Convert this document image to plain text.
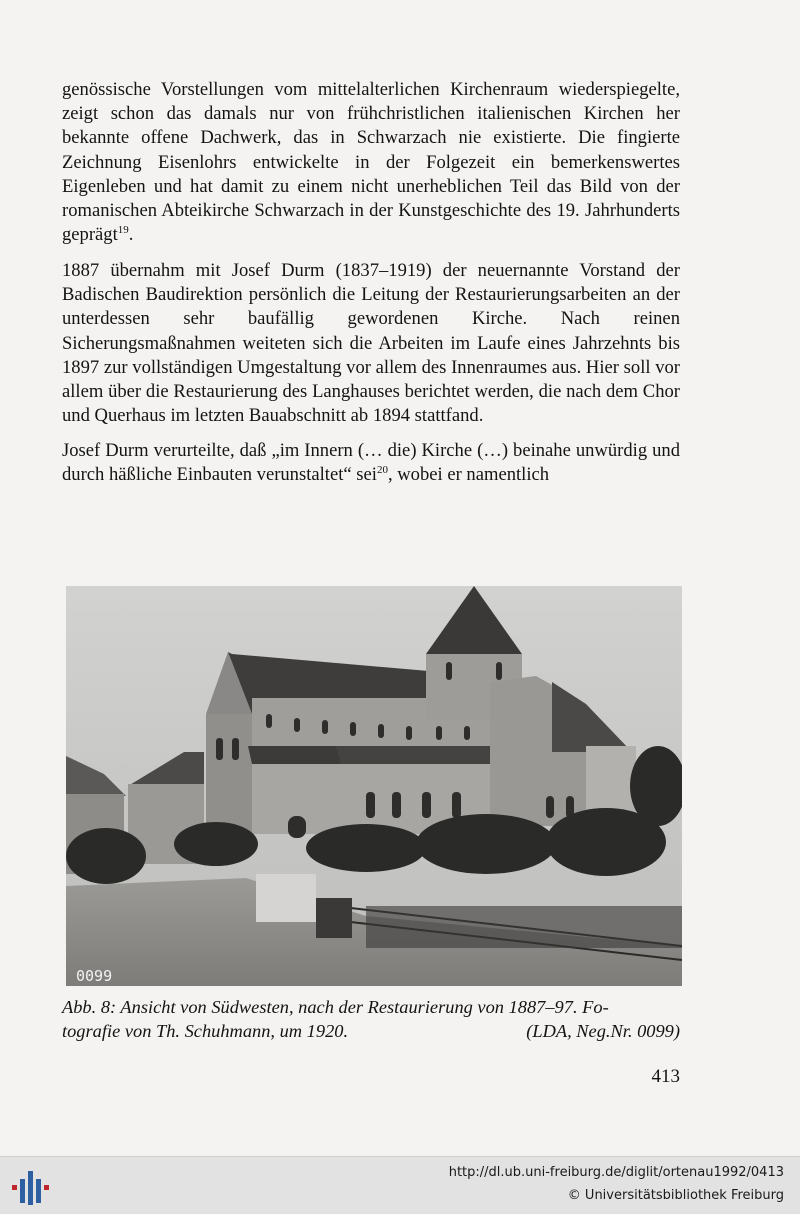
genössische Vorstellungen vom mittelalterlichen Kirchenraum wiederspiegelte, zeigt schon das damals nur von frühchristlichen italienischen Kirchen her bekannte offene Dachwerk, das in Schwarzach nie existierte. Die fingierte Zeichnung Eisenlohrs entwickelte in der Folgezeit ein bemerkenswertes Eigenleben und hat damit zu einem nicht unerheblichen Teil das Bild von der romanischen Abteikirche Schwarzach in der Kunstgeschichte des 19. Jahrhunderts geprägt$^{19}$.

1887 übernahm mit Josef Durm (1837–1919) der neuernannte Vorstand der Badischen Baudirektion persönlich die Leitung der Restaurierungsarbeiten an der unterdessen sehr baufällig gewordenen Kirche. Nach reinen Sicherungsmaßnahmen weiteten sich die Arbeiten im Laufe eines Jahrzehnts bis 1897 zur vollständigen Umgestaltung vor allem des Innenraumes aus. Hier soll vor allem über die Restaurierung des Langhauses berichtet werden, die nach dem Chor und Querhaus im letzten Bauabschnitt ab 1894 stattfand.

Josef Durm verurteilte, daß „im Innern (… die) Kirche (…) beinahe unwürdig und durch häßliche Einbauten verunstaltet“ sei$^{20}$, wobei er namentlich

0099
Abb. 8: Ansicht von Südwesten, nach der Restaurierung von 1887–97. Fo-
tografie von Th. Schuhmann, um 1920.	(LDA, Neg.Nr. 0099)
413
http://dl.ub.uni-freiburg.de/diglit/ortenau1992/0413
© Universitätsbibliothek Freiburg
